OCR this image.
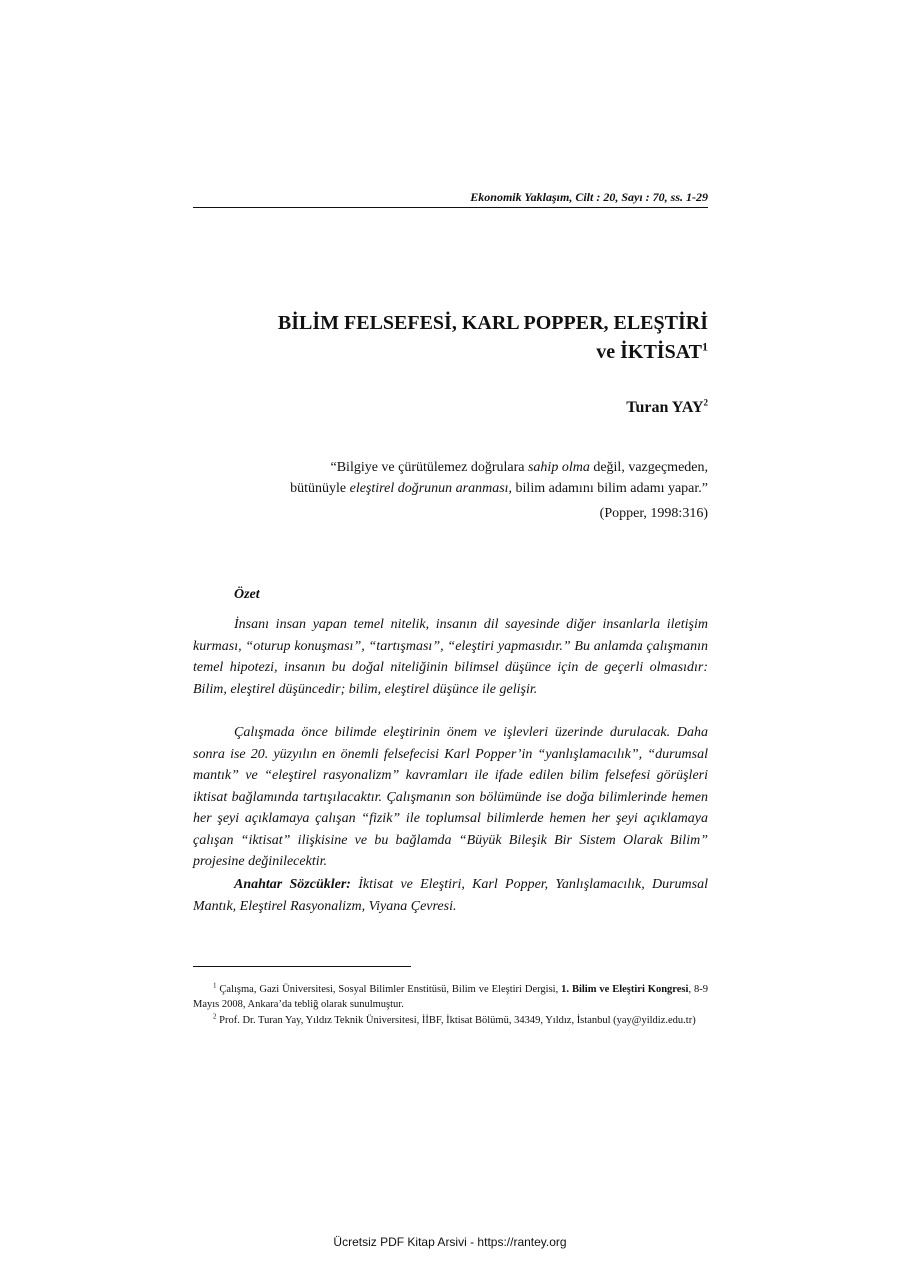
Ekonomik Yaklaşım, Cilt : 20, Sayı : 70, ss. 1-29
BİLİM FELSEFESİ, KARL POPPER, ELEŞTİRİ
ve İKTİSAT$^1$
Turan YAY$^2$
“Bilgiye ve çürütülemez doğrulara sahip olma değil, vazgeçmeden,
bütünüyle eleştirel doğrunun aranması, bilim adamını bilim adamı yapar.”
(Popper, 1998:316)
Özet
İnsanı insan yapan temel nitelik, insanın dil sayesinde diğer insanlarla iletişim kurması, “oturup konuşması”, “tartışması”, “eleştiri yapmasıdır.” Bu anlamda çalışmanın temel hipotezi, insanın bu doğal niteliğinin bilimsel düşünce için de geçerli olmasıdır: Bilim, eleştirel düşüncedir; bilim, eleştirel düşünce ile gelişir.
Çalışmada önce bilimde eleştirinin önem ve işlevleri üzerinde durulacak. Daha sonra ise 20. yüzyılın en önemli felsefecisi Karl Popper’in “yanlışlamacılık”, “durumsal mantık” ve “eleştirel rasyonalizm” kavramları ile ifade edilen bilim felsefesi görüşleri iktisat bağlamında tartışılacaktır. Çalışmanın son bölümünde ise doğa bilimlerinde hemen her şeyi açıklamaya çalışan “fizik” ile toplumsal bilimlerde hemen her şeyi açıklamaya çalışan “iktisat” ilişkisine ve bu bağlamda “Büyük Bileşik Bir Sistem Olarak Bilim” projesine değinilecektir.
Anahtar Sözcükler: İktisat ve Eleştiri, Karl Popper, Yanlışlamacılık, Durumsal Mantık, Eleştirel Rasyonalizm, Viyana Çevresi.
$^1$ Çalışma, Gazi Üniversitesi, Sosyal Bilimler Enstitüsü, Bilim ve Eleştiri Dergisi, 1. Bilim ve Eleştiri Kongresi, 8-9 Mayıs 2008, Ankara’da tebliğ olarak sunulmuştur.
$^2$ Prof. Dr. Turan Yay, Yıldız Teknik Üniversitesi, İİBF, İktisat Bölümü, 34349, Yıldız, İstanbul (yay@yildiz.edu.tr)
Ücretsiz PDF Kitap Arsivi - https://rantey.org
